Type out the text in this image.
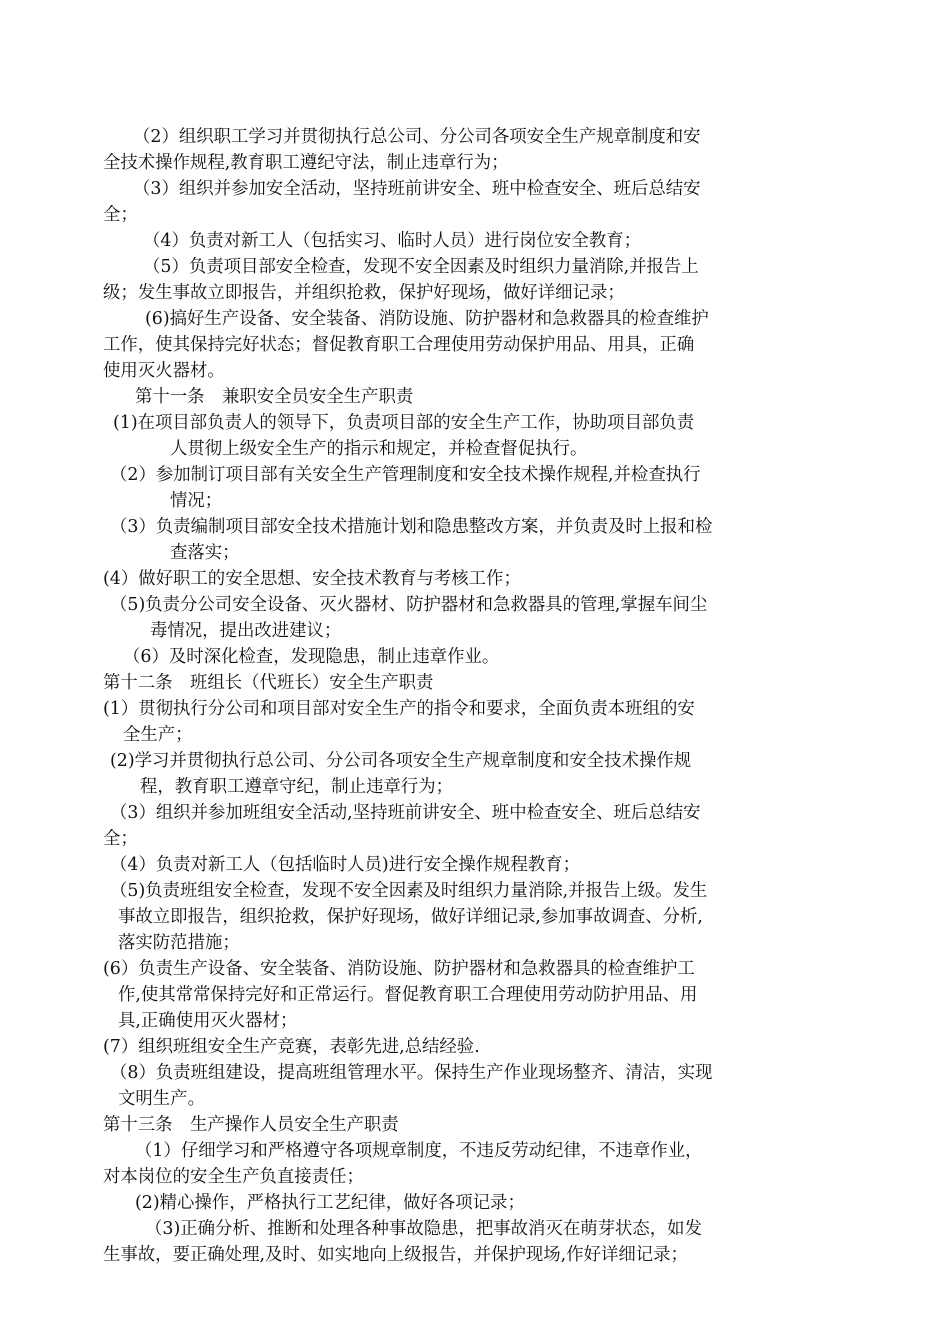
（2）组织职工学习并贯彻执行总公司、分公司各项安全生产规章制度和安
全技术操作规程,教育职工遵纪守法，制止违章行为；
（3）组织并参加安全活动，坚持班前讲安全、班中检查安全、班后总结安
全；
（4）负责对新工人（包括实习、临时人员）进行岗位安全教育；
（5）负责项目部安全检查，发现不安全因素及时组织力量消除,并报告上
级；发生事故立即报告，并组织抢救，保护好现场，做好详细记录；
(6)搞好生产设备、安全装备、消防设施、防护器材和急救器具的检查维护
工作，使其保持完好状态；督促教育职工合理使用劳动保护用品、用具，正确
使用灭火器材。
第十一条　兼职安全员安全生产职责
(1)在项目部负责人的领导下，负责项目部的安全生产工作，协助项目部负责
人贯彻上级安全生产的指示和规定，并检查督促执行。
（2）参加制订项目部有关安全生产管理制度和安全技术操作规程,并检查执行
情况；
（3）负责编制项目部安全技术措施计划和隐患整改方案，并负责及时上报和检
查落实；
(4）做好职工的安全思想、安全技术教育与考核工作；
（5)负责分公司安全设备、灭火器材、防护器材和急救器具的管理,掌握车间尘
毒情况，提出改进建议；
（6）及时深化检查，发现隐患，制止违章作业。
第十二条　班组长（代班长）安全生产职责
(1）贯彻执行分公司和项目部对安全生产的指令和要求，全面负责本班组的安
全生产；
(2)学习并贯彻执行总公司、分公司各项安全生产规章制度和安全技术操作规
程，教育职工遵章守纪，制止违章行为；
（3）组织并参加班组安全活动,坚持班前讲安全、班中检查安全、班后总结安
全；
（4）负责对新工人（包括临时人员)进行安全操作规程教育；
（5)负责班组安全检查，发现不安全因素及时组织力量消除,并报告上级。发生
事故立即报告，组织抢救，保护好现场，做好详细记录,参加事故调查、分析,
落实防范措施；
(6）负责生产设备、安全装备、消防设施、防护器材和急救器具的检查维护工
作,使其常常保持完好和正常运行。督促教育职工合理使用劳动防护用品、用
具,正确使用灭火器材；
(7）组织班组安全生产竞赛，表彰先进,总结经验.
（8）负责班组建设，提高班组管理水平。保持生产作业现场整齐、清洁，实现
文明生产。
第十三条　生产操作人员安全生产职责
（1）仔细学习和严格遵守各项规章制度，不违反劳动纪律，不违章作业，
对本岗位的安全生产负直接责任；
(2)精心操作，严格执行工艺纪律，做好各项记录；
（3)正确分析、推断和处理各种事故隐患，把事故消灭在萌芽状态，如发
生事故，要正确处理,及时、如实地向上级报告，并保护现场,作好详细记录；
